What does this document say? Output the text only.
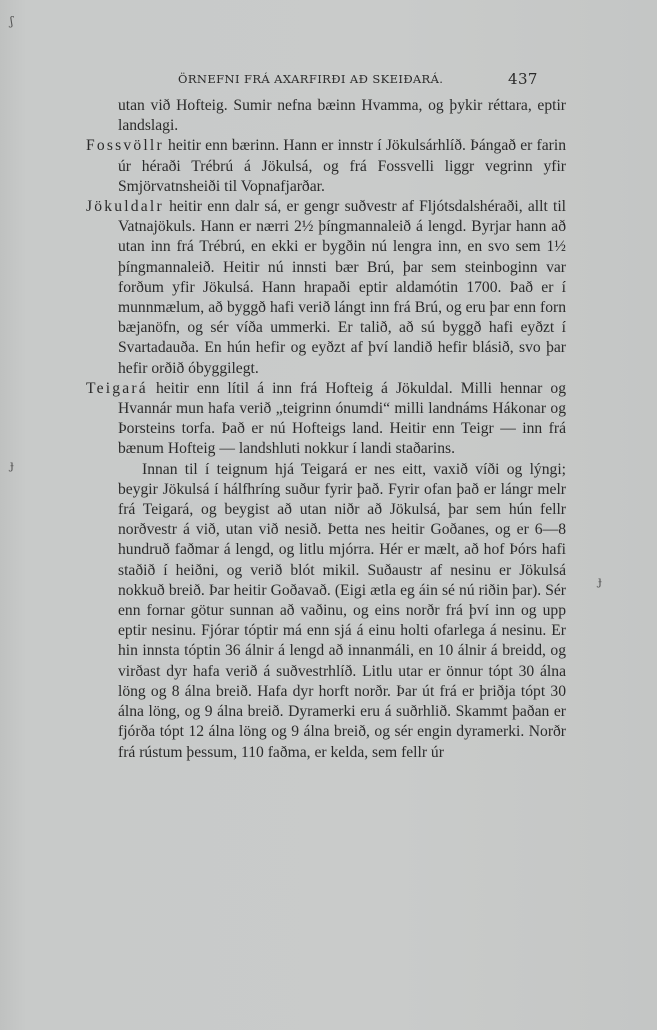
ʃ
ɟ
ɟ
ÖRNEFNI FRÁ AXARFIRÐI AÐ SKEIÐARÁ.	437

utan við Hofteig. Sumir nefna bæinn Hvamma, og þykir réttara, eptir landslagi.

Fossvöllr heitir enn bærinn. Hann er innstr í Jökulsárhlíð. Þángað er farin úr héraði Trébrú á Jökulsá, og frá Fossvelli liggr vegrinn yfir Smjörvatnsheiði til Vopnafjarðar.

Jökuldalr heitir enn dalr sá, er gengr suðvestr af Fljótsdalshéraði, allt til Vatnajökuls. Hann er nærri 2½ þíngmannaleið á lengd. Byrjar hann að utan inn frá Trébrú, en ekki er bygðin nú lengra inn, en svo sem 1½ þíngmannaleið. Heitir nú innsti bær Brú, þar sem steinboginn var forðum yfir Jökulsá. Hann hrapaði eptir aldamótin 1700. Það er í munnmælum, að byggð hafi verið lángt inn frá Brú, og eru þar enn forn bæjanöfn, og sér víða ummerki. Er talið, að sú byggð hafi eyðzt í Svartadauða. En hún hefir og eyðzt af því landið hefir blásið, svo þar hefir orðið óbyggilegt.

Teigará heitir enn lítil á inn frá Hofteig á Jökuldal. Milli hennar og Hvannár mun hafa verið „teigrinn ónumdi“ milli landnáms Hákonar og Þorsteins torfa. Það er nú Hofteigs land. Heitir enn Teigr — inn frá bænum Hofteig — landshluti nokkur í landi staðarins.

Innan til í teignum hjá Teigará er nes eitt, vaxið víði og lýngi; beygir Jökulsá í hálfhríng suður fyrir það. Fyrir ofan það er lángr melr frá Teigará, og beygist að utan niðr að Jökulsá, þar sem hún fellr norðvestr á við, utan við nesið. Þetta nes heitir Goðanes, og er 6—8 hundruð faðmar á lengd, og litlu mjórra. Hér er mælt, að hof Þórs hafi staðið í heiðni, og verið blót mikil. Suðaustr af nesinu er Jökulsá nokkuð breið. Þar heitir Goðavað. (Eigi ætla eg áin sé nú riðin þar). Sér enn fornar götur sunnan að vaðinu, og eins norðr frá því inn og upp eptir nesinu. Fjórar tóptir má enn sjá á einu holti ofarlega á nesinu. Er hin innsta tóptin 36 álnir á lengd að innanmáli, en 10 álnir á breidd, og virðast dyr hafa verið á suðvestrhlíð. Litlu utar er önnur tópt 30 álna löng og 8 álna breið. Hafa dyr horft norðr. Þar út frá er þriðja tópt 30 álna löng, og 9 álna breið. Dyramerki eru á suðrhlið. Skammt þaðan er fjórða tópt 12 álna löng og 9 álna breið, og sér engin dyramerki. Norðr frá rústum þessum, 110 faðma, er kelda, sem fellr úr
